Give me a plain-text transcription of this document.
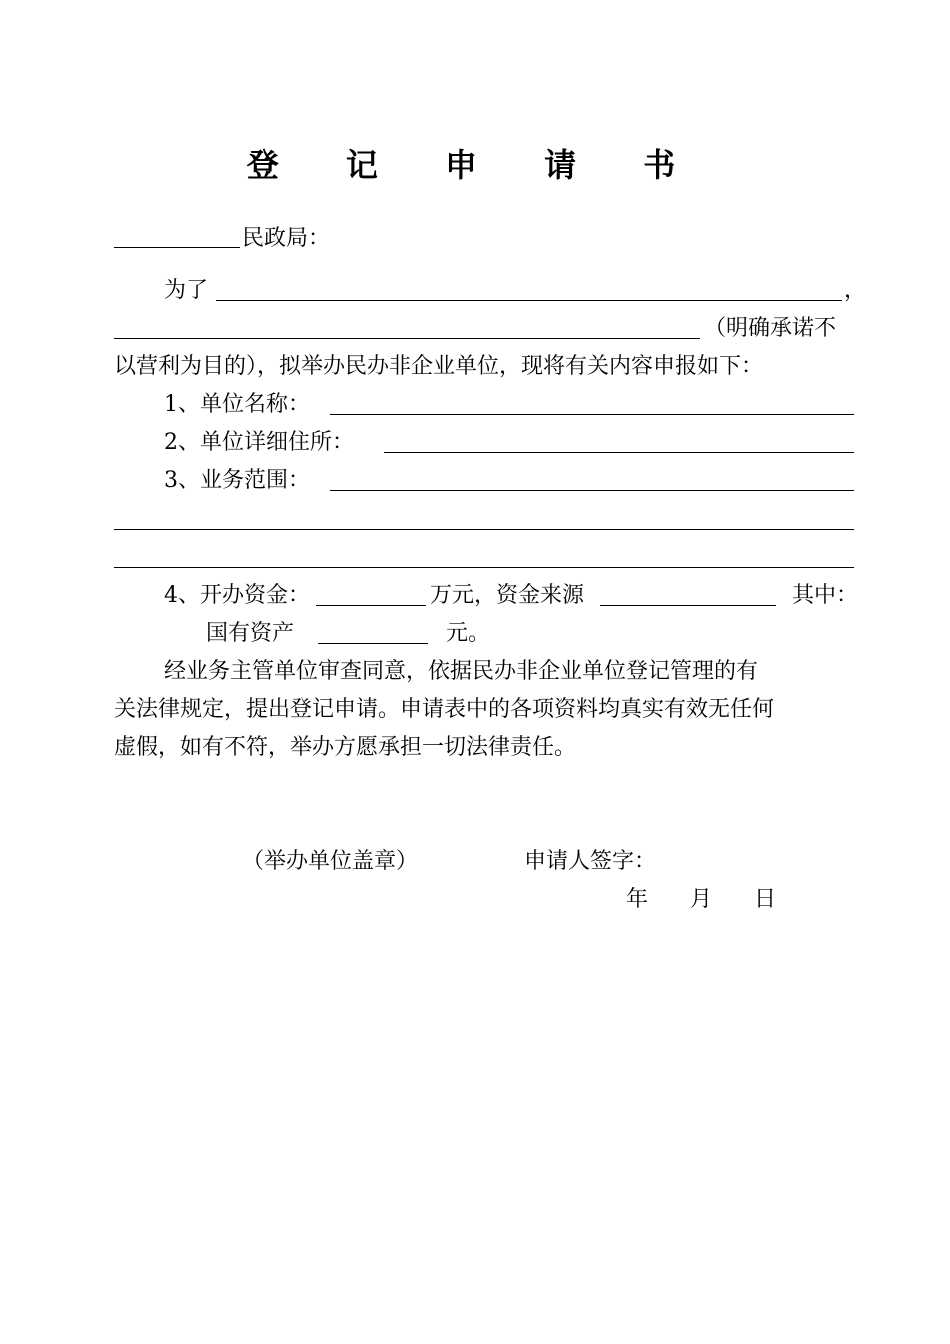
登 记 申 请 书
民政局：
为了	，
（明确承诺不
以营利为目的），拟举办民办非企业单位，现将有关内容申报如下：
1、单位名称：
2、单位详细住所：
3、业务范围：
4、开办资金：	万元，资金来源	其中：
国有资产	元。
经业务主管单位审查同意，依据民办非企业单位登记管理的有
关法律规定，提出登记申请。申请表中的各项资料均真实有效无任何
虚假，如有不符，举办方愿承担一切法律责任。
（举办单位盖章）	申请人签字：
年 月 日
